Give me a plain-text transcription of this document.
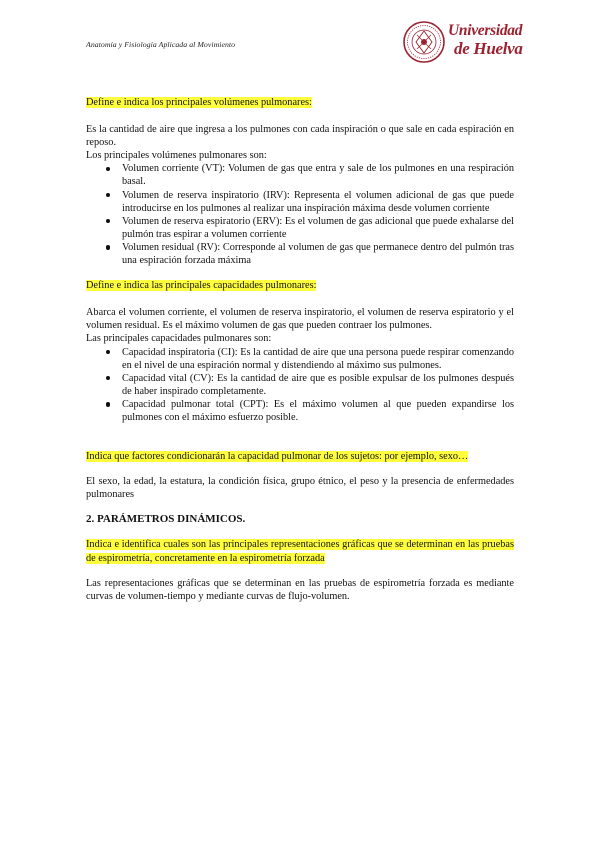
Anatomía y Fisiología Aplicada al Movimiento
Universidad
de Huelva

Define e indica los principales volúmenes pulmonares:

Es la cantidad de aire que ingresa a los pulmones con cada inspiración o que sale en cada espiración en reposo.

Los principales volúmenes pulmonares son:

Volumen corriente (VT): Volumen de gas que entra y sale de los pulmones en una respiración basal.
Volumen de reserva inspiratorio (IRV): Representa el volumen adicional de gas que puede introducirse en los pulmones al realizar una inspiración máxima desde volumen corriente
Volumen de reserva espiratorio (ERV): Es el volumen de gas adicional que puede exhalarse del pulmón tras espirar a volumen corriente
Volumen residual (RV): Corresponde al volumen de gas que permanece dentro del pulmón tras una espiración forzada máxima

Define e indica las principales capacidades pulmonares:

Abarca el volumen corriente, el volumen de reserva inspiratorio, el volumen de reserva espiratorio y el volumen residual. Es el máximo volumen de gas que pueden contraer los pulmones.

Las principales capacidades pulmonares son:

Capacidad inspiratoria (CI): Es la cantidad de aire que una persona puede respirar comenzando en el nivel de una espiración normal y distendiendo al máximo sus pulmones.
Capacidad vital (CV): Es la cantidad de aire que es posible expulsar de los pulmones después de haber inspirado completamente.
Capacidad pulmonar total (CPT): Es el máximo volumen al que pueden expandirse los pulmones con el máximo esfuerzo posible.

Indica que factores condicionarán la capacidad pulmonar de los sujetos: por ejemplo, sexo…

El sexo, la edad, la estatura, la condición física, grupo étnico, el peso y la presencia de enfermedades pulmonares

2. PARÁMETROS DINÁMICOS.

Indica e identifica cuales son las principales representaciones gráficas que se determinan en las pruebas de espirometría, concretamente en la espirometría forzada

Las representaciones gráficas que se determinan en las pruebas de espirometría forzada es mediante curvas de volumen-tiempo y mediante curvas de flujo-volumen.
